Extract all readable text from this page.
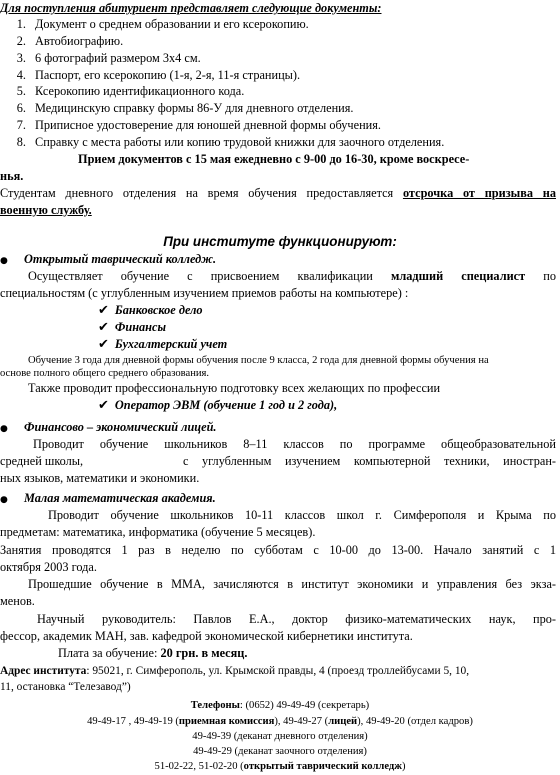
Для поступления абитуриент представляет следующие документы:
1. Документ о среднем образовании и его ксерокопию.
2. Автобиографию.
3. 6 фотографий размером 3х4 см.
4. Паспорт, его ксерокопию (1-я, 2-я, 11-я страницы).
5. Ксерокопию идентификационного кода.
6. Медицинскую справку формы 86-У для дневного отделения.
7. Приписное удостоверение для юношей дневной формы обучения.
8. Справку с места работы или копию трудовой книжки для заочного отделения.
Прием документов с 15 мая ежедневно с 9-00 до 16-30, кроме воскресе-
нья.
Студентам дневного отделения на время обучения предоставляется отсрочка от призыва на
военную службу.
При институте функционируют:
● Открытый таврический колледж.
Осуществляет обучение с присвоением квалификации младший специалист по
специальностям (с углубленным изучением приемов работы на компьютере) :
✔ Банковское дело
✔ Финансы
✔ Бухгалтерский учет
Обучение 3 года для дневной формы обучения после 9 класса, 2 года для дневной формы обучения на
основе полного общего среднего образования.
Также проводит профессиональную подготовку всех желающих по профессии
✔ Оператор ЭВМ (обучение 1 год и 2 года),
● Финансово – экономический лицей.
Проводит обучение школьников 8–11 классов по программе общеобразовательной
средней школы,	с углубленным изучением компьютерной техники, иностран-
ных языков, математики и экономики.
● Малая математическая академия.
Проводит обучение школьников 10-11 классов школ г. Симферополя и Крыма по
предметам: математика, информатика (обучение 5 месяцев).
Занятия проводятся 1 раз в неделю по субботам с 10-00 до 13-00. Начало занятий с 1
октября 2003 года.
Прошедшие обучение в ММА, зачисляются в институт экономики и управления без экза-
менов.
Научный руководитель: Павлов Е.А., доктор физико-математических наук, про-
фессор, академик МАН, зав. кафедрой экономической кибернетики института.
Плата за обучение: 20 грн. в месяц.
Адрес института: 95021, г. Симферополь, ул. Крымской правды, 4 (проезд троллейбусами 5, 10,
11, остановка “Телезавод”)
Телефоны: (0652) 49-49-49 (секретарь)
49-49-17 , 49-49-19 (приемная комиссия), 49-49-27 (лицей), 49-49-20 (отдел кадров)
49-49-39 (деканат дневного отделения)
49-49-29 (деканат заочного отделения)
51-02-22, 51-02-20 (открытый таврический колледж)
